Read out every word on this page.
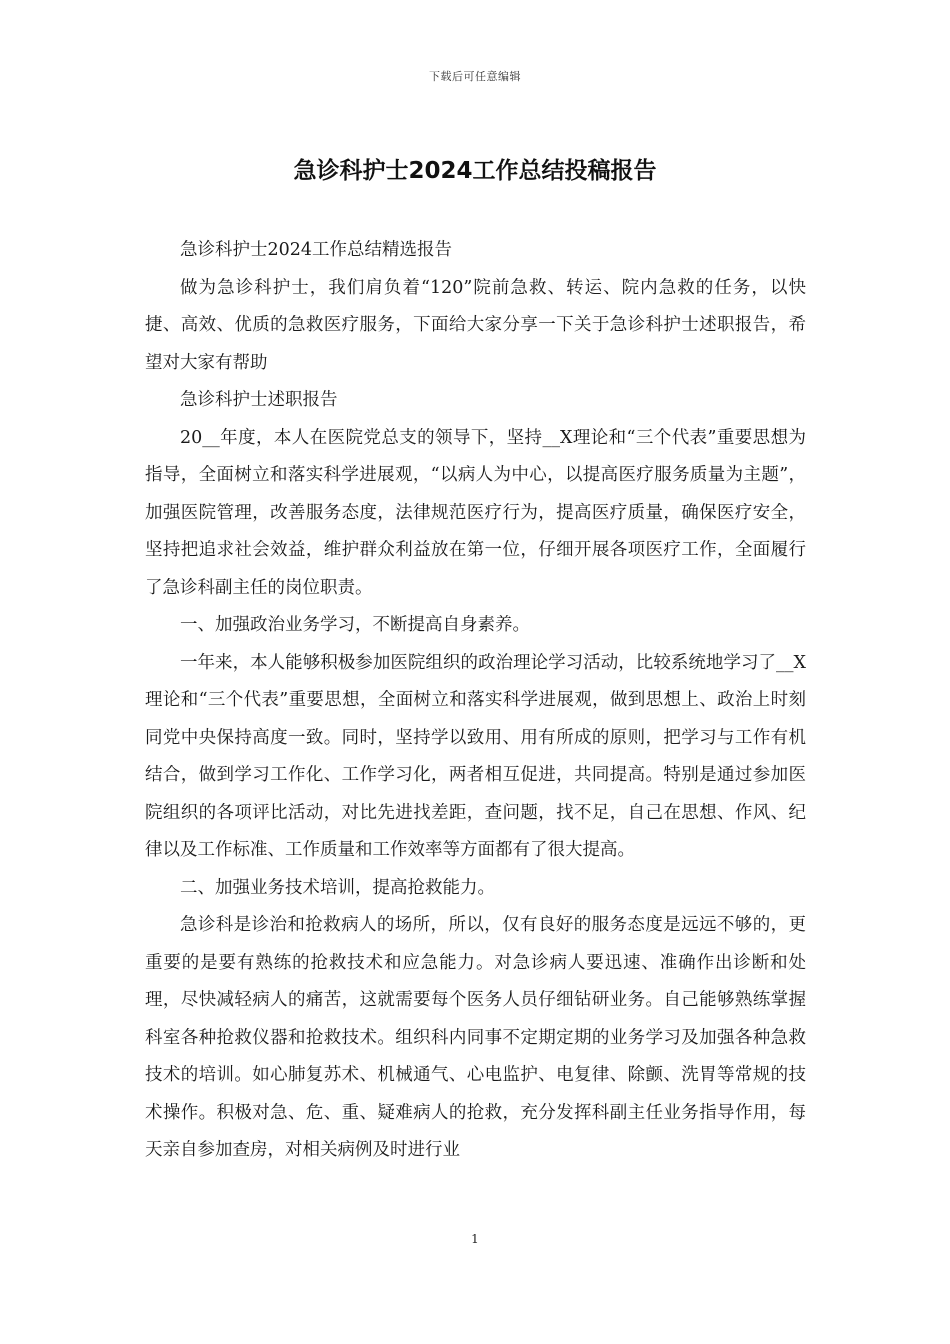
下载后可任意编辑
急诊科护士2024工作总结投稿报告

急诊科护士2024工作总结精选报告

做为急诊科护士，我们肩负着“120”院前急救、转运、院内急救的任务，以快捷、高效、优质的急救医疗服务，下面给大家分享一下关于急诊科护士述职报告，希望对大家有帮助

急诊科护士述职报告

20__年度，本人在医院党总支的领导下，坚持__X理论和“三个代表”重要思想为指导，全面树立和落实科学进展观，“以病人为中心，以提高医疗服务质量为主题”，加强医院管理，改善服务态度，法律规范医疗行为，提高医疗质量，确保医疗安全，坚持把追求社会效益，维护群众利益放在第一位，仔细开展各项医疗工作，全面履行了急诊科副主任的岗位职责。

一、加强政治业务学习，不断提高自身素养。

一年来，本人能够积极参加医院组织的政治理论学习活动，比较系统地学习了__X理论和“三个代表”重要思想，全面树立和落实科学进展观，做到思想上、政治上时刻同党中央保持高度一致。同时，坚持学以致用、用有所成的原则，把学习与工作有机结合，做到学习工作化、工作学习化，两者相互促进，共同提高。特别是通过参加医院组织的各项评比活动，对比先进找差距，查问题，找不足，自己在思想、作风、纪律以及工作标准、工作质量和工作效率等方面都有了很大提高。

二、加强业务技术培训，提高抢救能力。

急诊科是诊治和抢救病人的场所，所以，仅有良好的服务态度是远远不够的，更重要的是要有熟练的抢救技术和应急能力。对急诊病人要迅速、准确作出诊断和处理，尽快减轻病人的痛苦，这就需要每个医务人员仔细钻研业务。自己能够熟练掌握科室各种抢救仪器和抢救技术。组织科内同事不定期定期的业务学习及加强各种急救技术的培训。如心肺复苏术、机械通气、心电监护、电复律、除颤、洗胃等常规的技术操作。积极对急、危、重、疑难病人的抢救，充分发挥科副主任业务指导作用，每天亲自参加查房，对相关病例及时进行业

1
